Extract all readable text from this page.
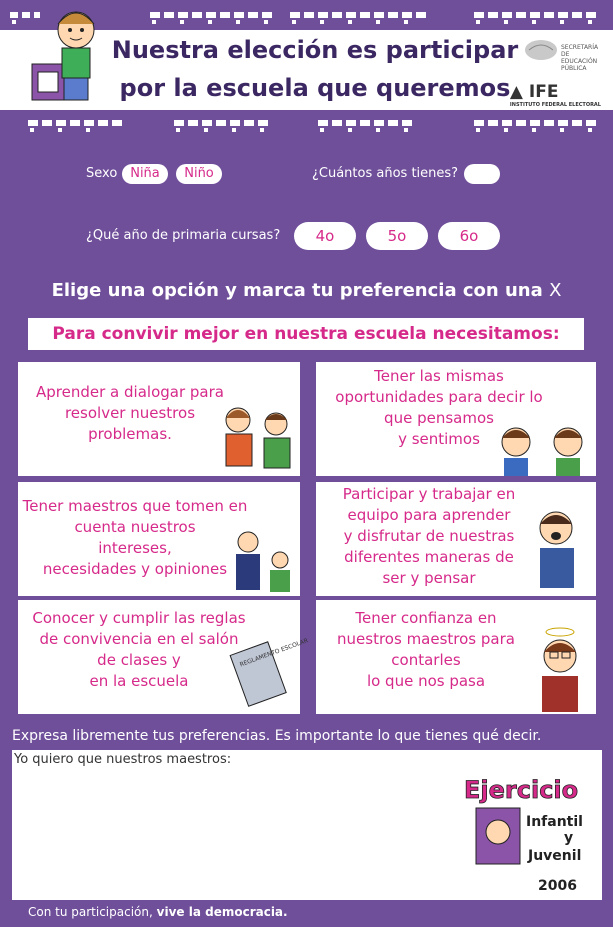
Nuestra elección es participar
por la escuela que queremos
SECRETARÍA DE EDUCACIÓN PÚBLICA
▲ IFE
INSTITUTO FEDERAL ELECTORAL
Sexo Niña	Niño	¿Cuántos años tienes?
¿Qué año de primaria cursas?	4o	5o	6o
Elige una opción y marca tu preferencia con una X
Para convivir mejor en nuestra escuela necesitamos:
Aprender a dialogar para
resolver nuestros
problemas.
Tener las mismas
oportunidades para decir lo
que pensamos
y sentimos
Tener maestros que tomen en
cuenta nuestros
intereses,
necesidades y opiniones
Participar y trabajar en
equipo para aprender
y disfrutar de nuestras
diferentes maneras de
ser y pensar
Conocer y cumplir las reglas
de convivencia en el salón
de clases y
en la escuela
REGLAMENTO ESCOLAR
Tener confianza en
nuestros maestros para
contarles
lo que nos pasa
Expresa libremente tus preferencias. Es importante lo que tienes qué decir.
Yo quiero que nuestros maestros:
Ejercicio
Infantil
y
Juvenil
2006
Con tu participación, vive la democracia.
